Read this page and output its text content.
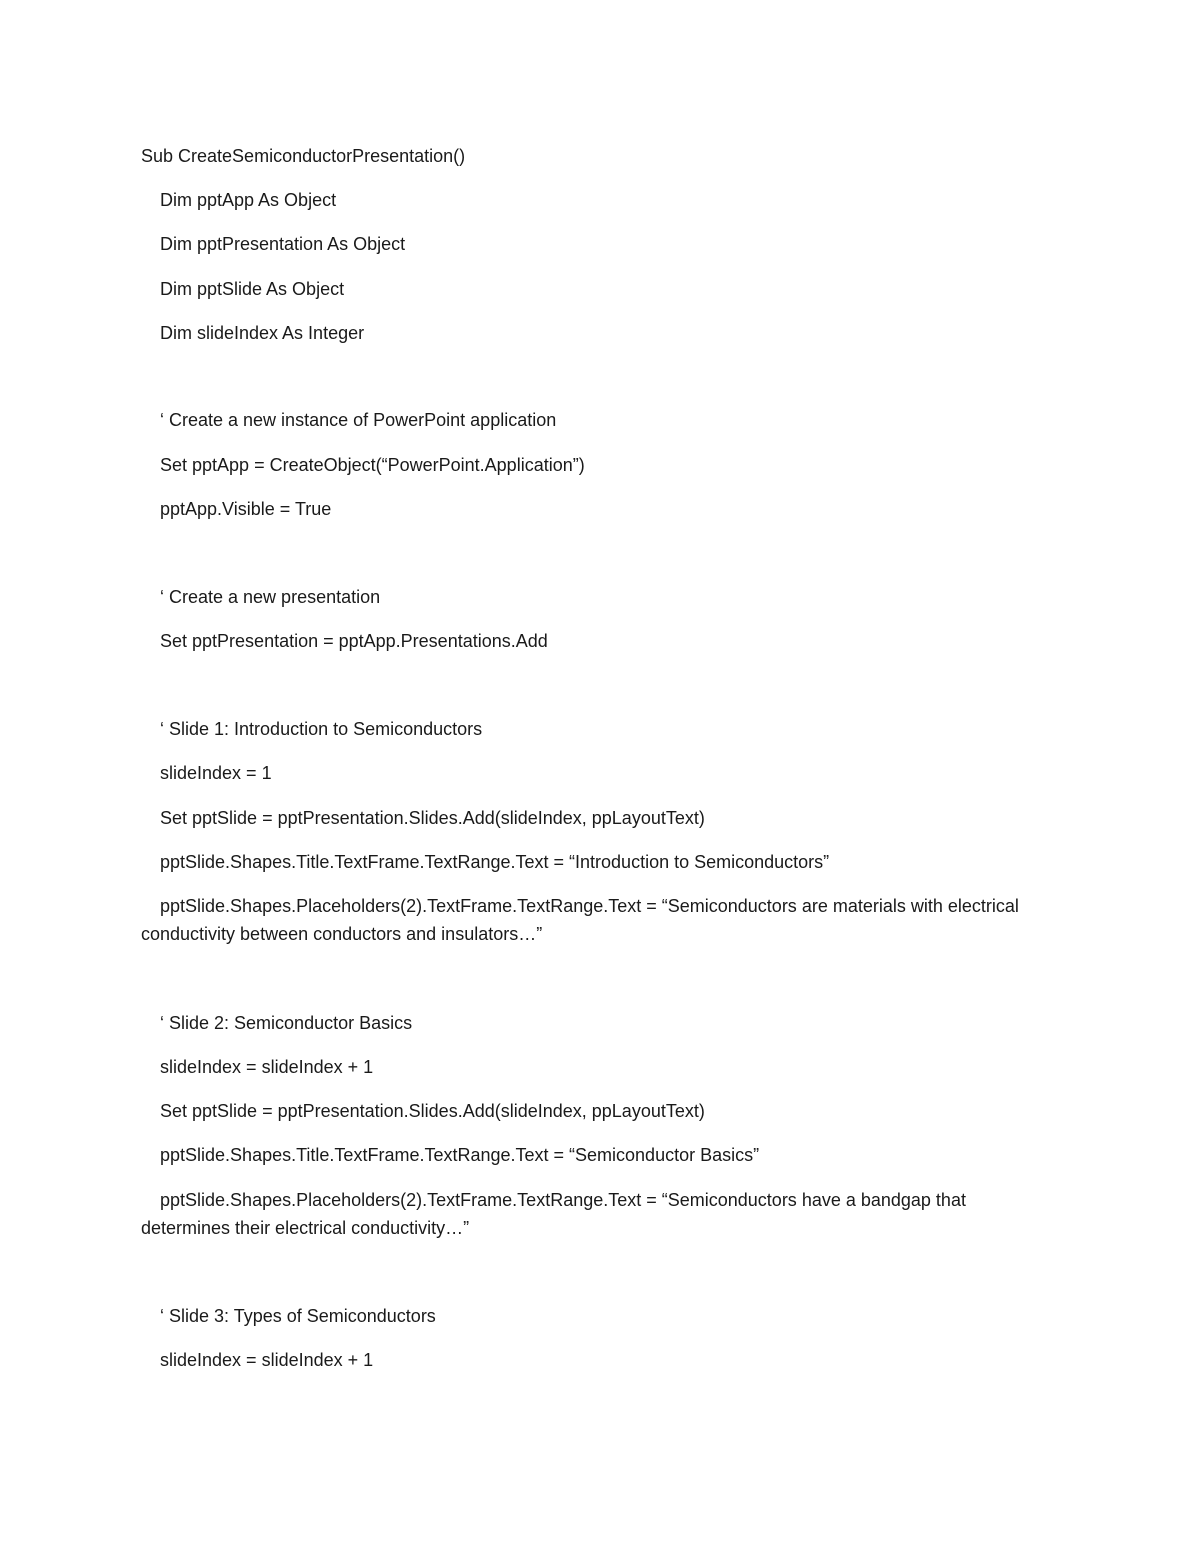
Sub CreateSemiconductorPresentation()

Dim pptApp As Object

Dim pptPresentation As Object

Dim pptSlide As Object

Dim slideIndex As Integer

‘ Create a new instance of PowerPoint application

Set pptApp = CreateObject(“PowerPoint.Application”)

pptApp.Visible = True

‘ Create a new presentation

Set pptPresentation = pptApp.Presentations.Add

‘ Slide 1: Introduction to Semiconductors

slideIndex = 1

Set pptSlide = pptPresentation.Slides.Add(slideIndex, ppLayoutText)

pptSlide.Shapes.Title.TextFrame.TextRange.Text = “Introduction to Semiconductors”

pptSlide.Shapes.Placeholders(2).TextFrame.TextRange.Text = “Semiconductors are materials with electrical conductivity between conductors and insulators…”

‘ Slide 2: Semiconductor Basics

slideIndex = slideIndex + 1

Set pptSlide = pptPresentation.Slides.Add(slideIndex, ppLayoutText)

pptSlide.Shapes.Title.TextFrame.TextRange.Text = “Semiconductor Basics”

pptSlide.Shapes.Placeholders(2).TextFrame.TextRange.Text = “Semiconductors have a bandgap that determines their electrical conductivity…”

‘ Slide 3: Types of Semiconductors

slideIndex = slideIndex + 1
